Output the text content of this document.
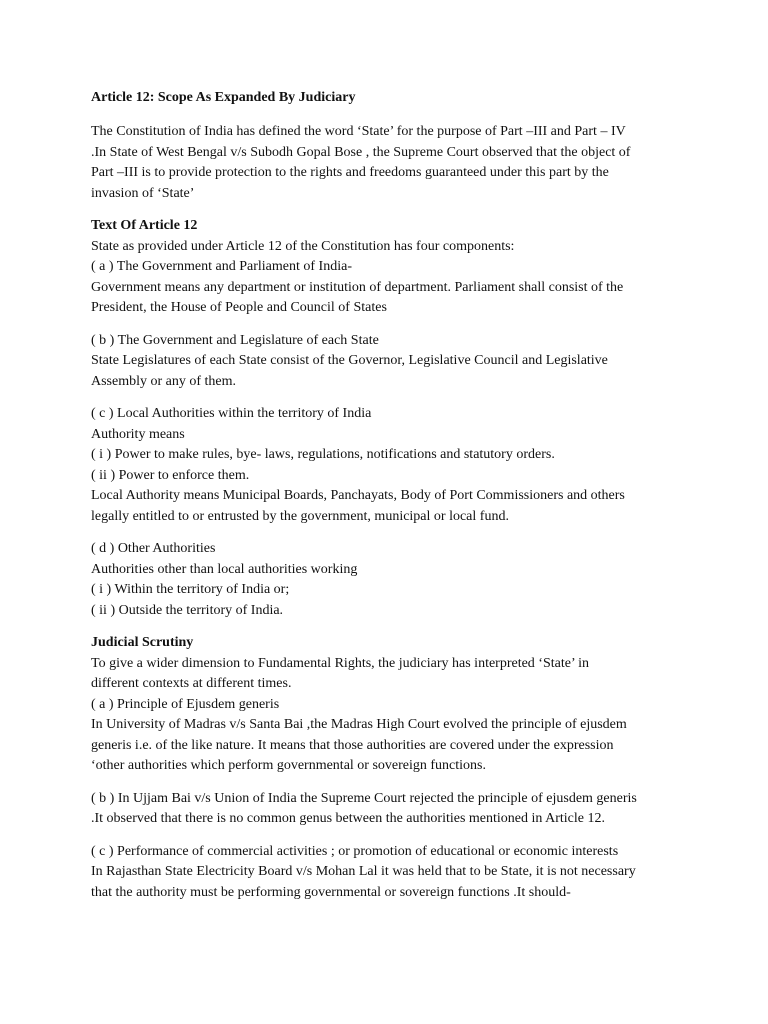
Article 12: Scope As Expanded By Judiciary
The Constitution of India has defined the word ‘State’ for the purpose of Part –III and Part – IV
.In State of West Bengal v/s Subodh Gopal Bose , the Supreme Court observed that the object of
Part –III is to provide protection to the rights and freedoms guaranteed under this part by the
invasion of ‘State’
Text Of Article 12
State as provided under Article 12 of the Constitution has four components:
( a ) The Government and Parliament of India-
Government means any department or institution of department. Parliament shall consist of the
President, the House of People and Council of States
( b ) The Government and Legislature of each State
State Legislatures of each State consist of the Governor, Legislative Council and Legislative
Assembly or any of them.
( c ) Local Authorities within the territory of India
Authority means
( i ) Power to make rules, bye- laws, regulations, notifications and statutory orders.
( ii ) Power to enforce them.
Local Authority means Municipal Boards, Panchayats, Body of Port Commissioners and others
legally entitled to or entrusted by the government, municipal or local fund.
( d ) Other Authorities
Authorities other than local authorities working
( i ) Within the territory of India or;
( ii ) Outside the territory of India.
Judicial Scrutiny
To give a wider dimension to Fundamental Rights, the judiciary has interpreted ‘State’ in
different contexts at different times.
( a ) Principle of Ejusdem generis
In University of Madras v/s Santa Bai ,the Madras High Court evolved the principle of ejusdem
generis i.e. of the like nature. It means that those authorities are covered under the expression
‘other authorities which perform governmental or sovereign functions.
( b ) In Ujjam Bai v/s Union of India the Supreme Court rejected the principle of ejusdem generis
.It observed that there is no common genus between the authorities mentioned in Article 12.
( c ) Performance of commercial activities ; or promotion of educational or economic interests
In Rajasthan State Electricity Board v/s Mohan Lal it was held that to be State, it is not necessary
that the authority must be performing governmental or sovereign functions .It should-
